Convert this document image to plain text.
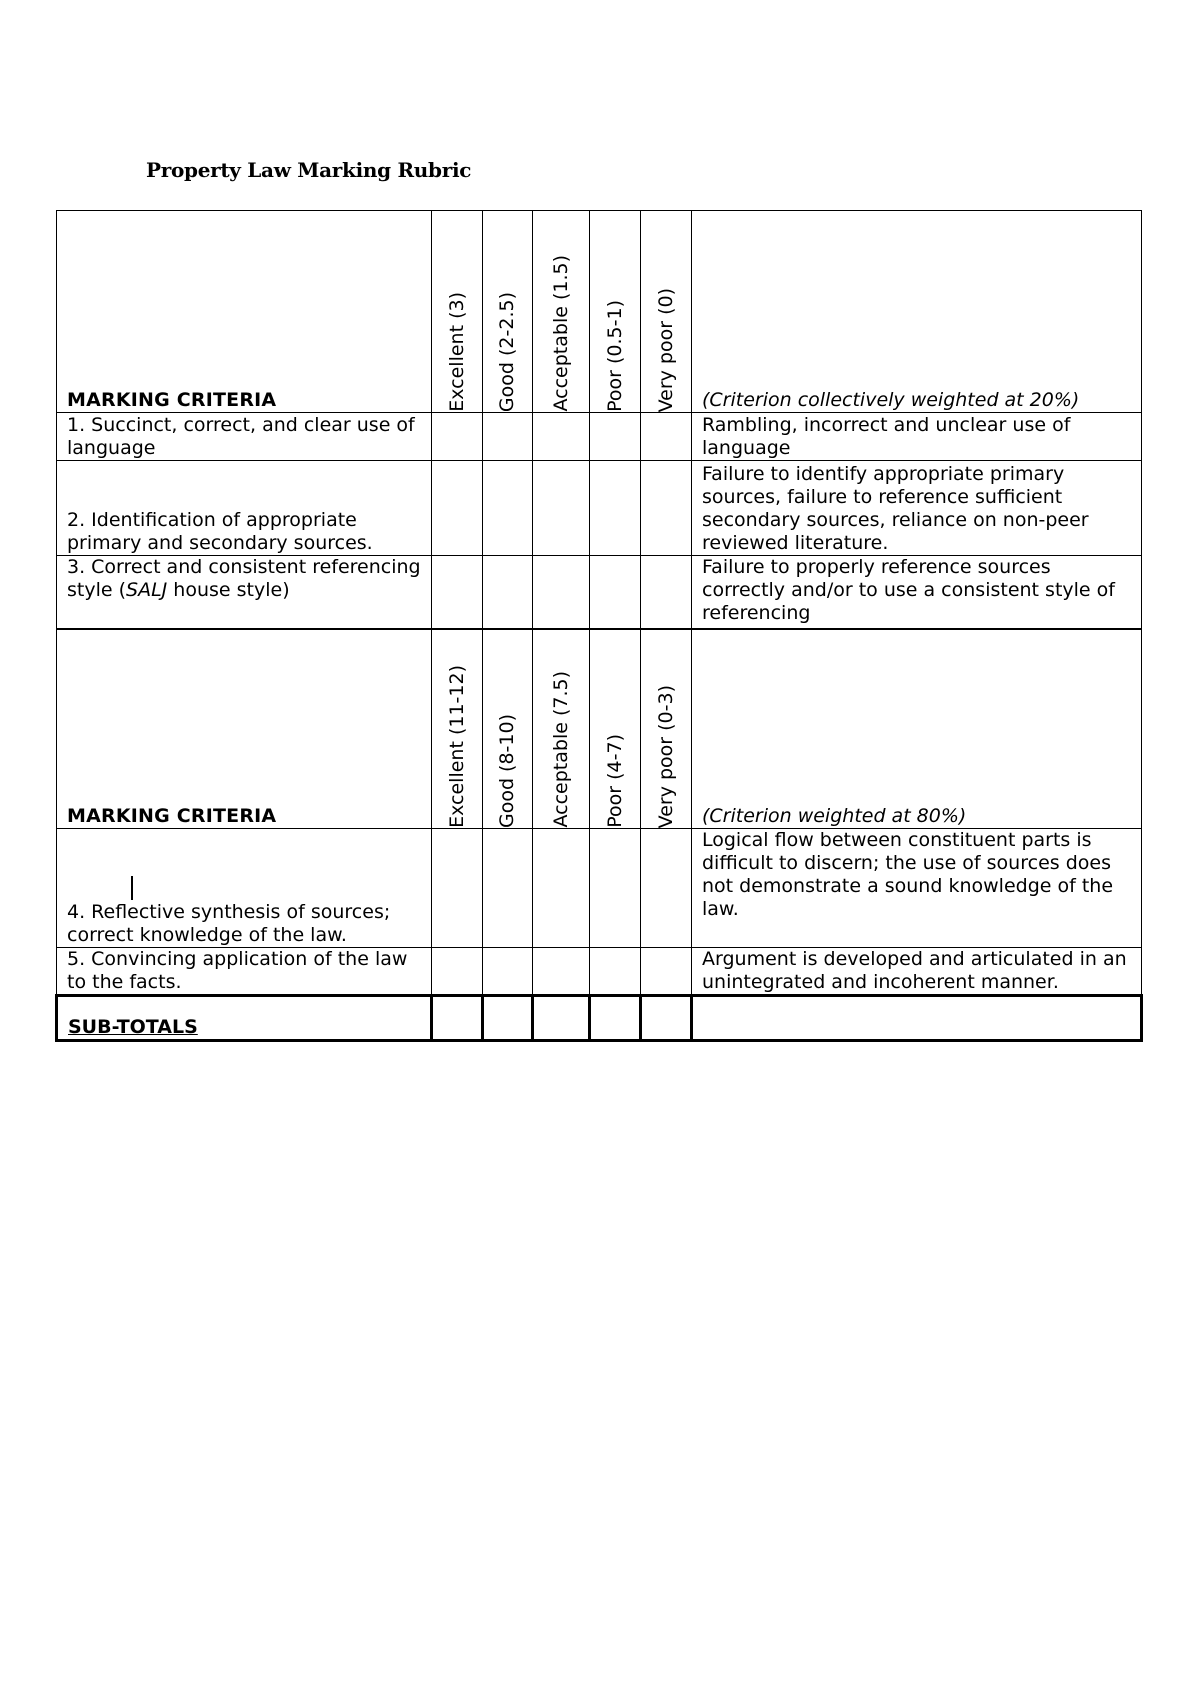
Property Law Marking Rubric
MARKING CRITERIA	Excellent (3)	Good (2-2.5)	Acceptable (1.5)	Poor (0.5-1)	Very poor (0)	(Criterion collectively weighted at 20%)
1. Succinct, correct, and clear use of language						Rambling, incorrect and unclear use of language
2. Identification of appropriate primary and secondary sources.						Failure to identify appropriate primary sources, failure to reference sufficient secondary sources, reliance on non-peer reviewed literature.
3. Correct and consistent referencing style (SALJ house style)						Failure to properly reference sources correctly and/or to use a consistent style of referencing
MARKING CRITERIA	Excellent (11-12)	Good (8-10)	Acceptable (7.5)	Poor (4-7)	Very poor (0-3)	(Criterion weighted at 80%)
4. Reflective synthesis of sources; correct knowledge of the law.						Logical flow between constituent parts is difficult to discern; the use of sources does not demonstrate a sound knowledge of the law.
5. Convincing application of the law to the facts.						Argument is developed and articulated in an unintegrated and incoherent manner.
SUB-TOTALS						
